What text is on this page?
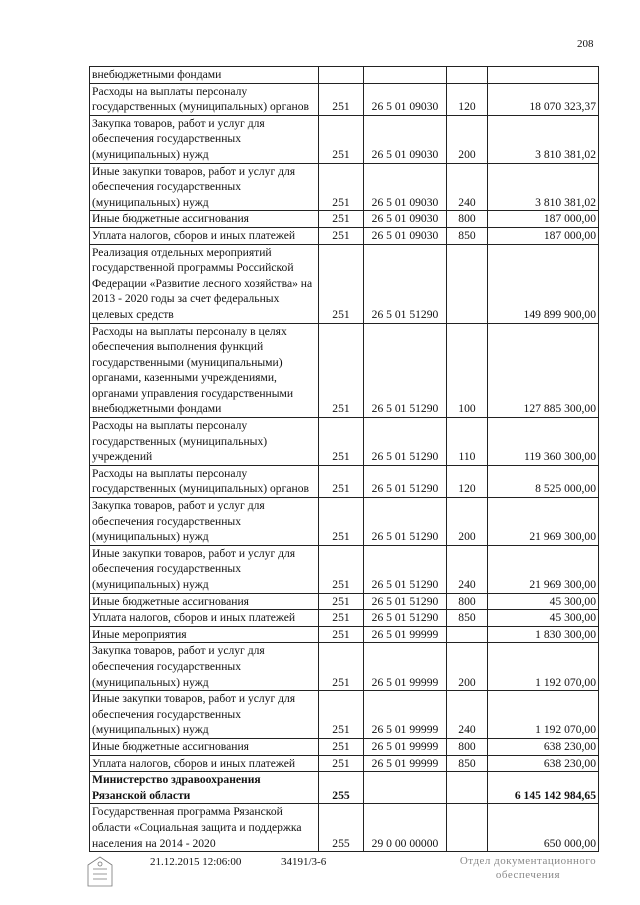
208
внебюджетными фондами				
Расходы на выплаты персоналу государственных (муниципальных) органов	251	26 5 01 09030	120	18 070 323,37
Закупка товаров, работ и услуг для обеспечения государственных (муниципальных) нужд	251	26 5 01 09030	200	3 810 381,02
Иные закупки товаров, работ и услуг для обеспечения государственных (муниципальных) нужд	251	26 5 01 09030	240	3 810 381,02
Иные бюджетные ассигнования	251	26 5 01 09030	800	187 000,00
Уплата налогов, сборов и иных платежей	251	26 5 01 09030	850	187 000,00
Реализация отдельных мероприятий государственной программы Российской Федерации «Развитие лесного хозяйства» на 2013 - 2020 годы за счет федеральных целевых средств	251	26 5 01 51290		149 899 900,00
Расходы на выплаты персоналу в целях обеспечения выполнения функций государственными (муниципальными) органами, казенными учреждениями, органами управления государственными внебюджетными фондами	251	26 5 01 51290	100	127 885 300,00
Расходы на выплаты персоналу государственных (муниципальных) учреждений	251	26 5 01 51290	110	119 360 300,00
Расходы на выплаты персоналу государственных (муниципальных) органов	251	26 5 01 51290	120	8 525 000,00
Закупка товаров, работ и услуг для обеспечения государственных (муниципальных) нужд	251	26 5 01 51290	200	21 969 300,00
Иные закупки товаров, работ и услуг для обеспечения государственных (муниципальных) нужд	251	26 5 01 51290	240	21 969 300,00
Иные бюджетные ассигнования	251	26 5 01 51290	800	45 300,00
Уплата налогов, сборов и иных платежей	251	26 5 01 51290	850	45 300,00
Иные мероприятия	251	26 5 01 99999		1 830 300,00
Закупка товаров, работ и услуг для обеспечения государственных (муниципальных) нужд	251	26 5 01 99999	200	1 192 070,00
Иные закупки товаров, работ и услуг для обеспечения государственных (муниципальных) нужд	251	26 5 01 99999	240	1 192 070,00
Иные бюджетные ассигнования	251	26 5 01 99999	800	638 230,00
Уплата налогов, сборов и иных платежей	251	26 5 01 99999	850	638 230,00
Министерство здравоохранения Рязанской области	255			6 145 142 984,65
Государственная программа Рязанской области «Социальная защита и поддержка населения на 2014 - 2020	255	29 0 00 00000		650 000,00
21.12.2015 12:06:00	34191/3-6	Отдел документационного обеспечения
